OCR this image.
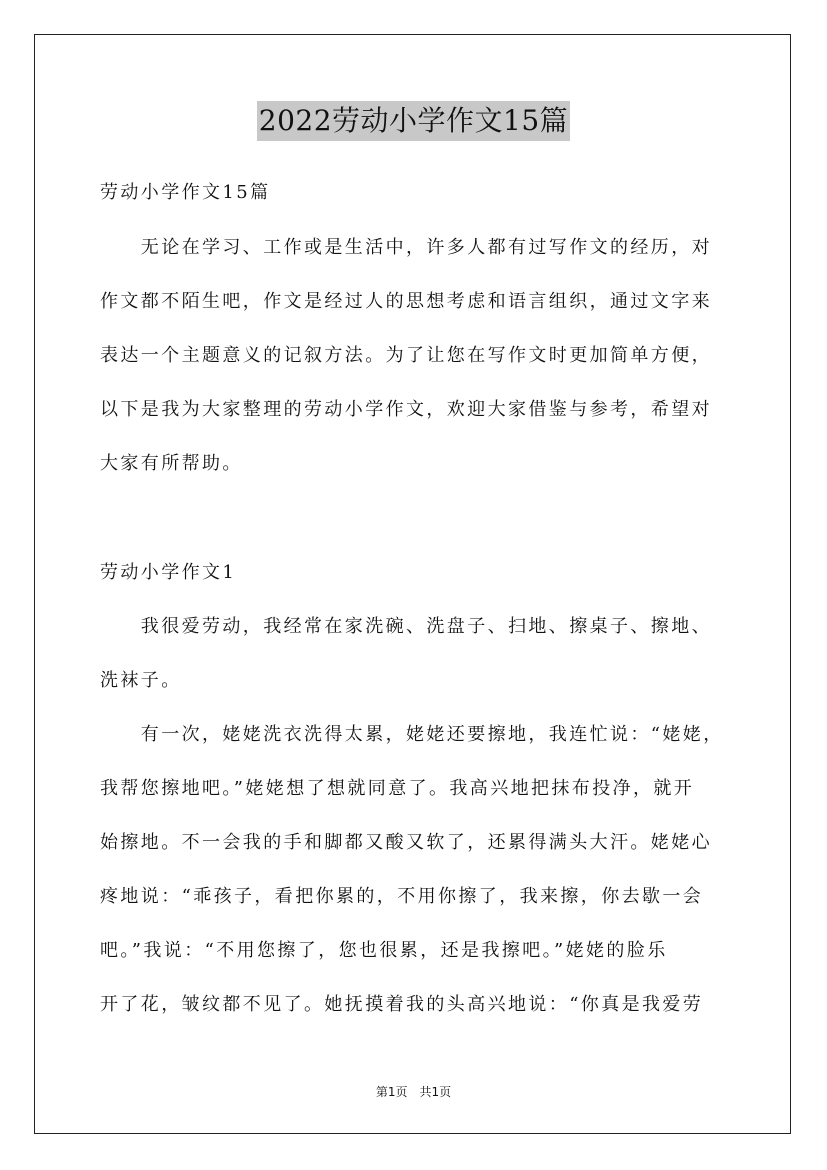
2022劳动小学作文15篇
劳动小学作文15篇
　　无论在学习、工作或是生活中，许多人都有过写作文的经历，对
作文都不陌生吧，作文是经过人的思想考虑和语言组织，通过文字来
表达一个主题意义的记叙方法。为了让您在写作文时更加简单方便，
以下是我为大家整理的劳动小学作文，欢迎大家借鉴与参考，希望对
大家有所帮助。
劳动小学作文1
　　我很爱劳动，我经常在家洗碗、洗盘子、扫地、擦桌子、擦地、
洗袜子。
　　有一次，姥姥洗衣洗得太累，姥姥还要擦地，我连忙说：“姥姥，
我帮您擦地吧。”姥姥想了想就同意了。我高兴地把抹布投净，就开
始擦地。不一会我的手和脚都又酸又软了，还累得满头大汗。姥姥心
疼地说：“乖孩子，看把你累的，不用你擦了，我来擦，你去歇一会
吧。”我说：“不用您擦了，您也很累，还是我擦吧。”姥姥的脸乐
开了花，皱纹都不见了。她抚摸着我的头高兴地说：“你真是我爱劳
第1页　共1页
